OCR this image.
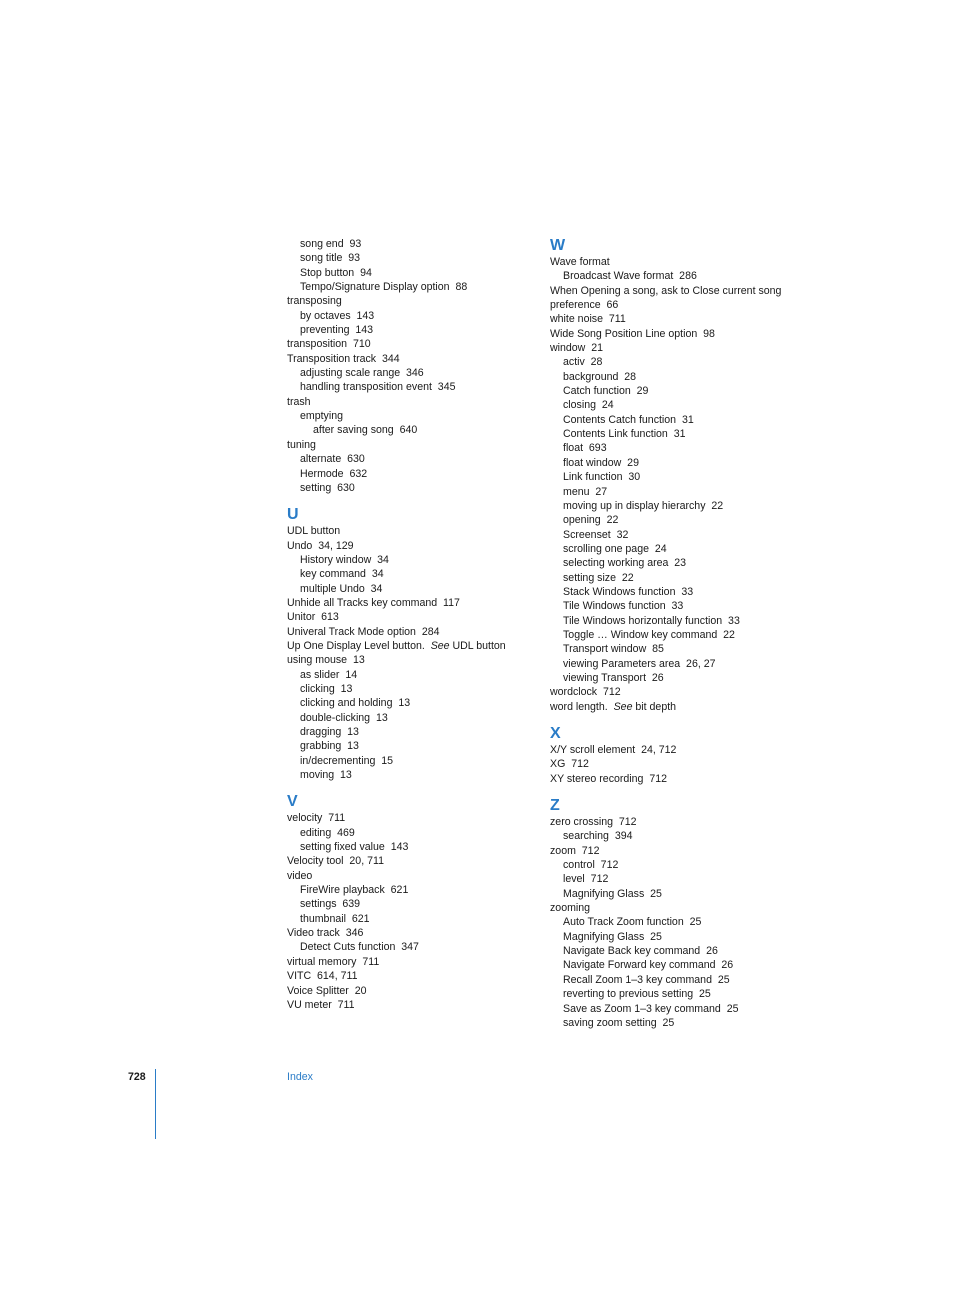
song end  93
song title  93
Stop button  94
Tempo/Signature Display option  88
transposing
by octaves  143
preventing  143
transposition  710
Transposition track  344
adjusting scale range  346
handling transposition event  345
trash
emptying
after saving song  640
tuning
alternate  630
Hermode  632
setting  630
U
UDL button
Undo  34, 129
History window  34
key command  34
multiple Undo  34
Unhide all Tracks key command  117
Unitor  613
Univeral Track Mode option  284
Up One Display Level button.  See UDL button
using mouse  13
as slider  14
clicking  13
clicking and holding  13
double-clicking  13
dragging  13
grabbing  13
in/decrementing  15
moving  13
V
velocity  711
editing  469
setting fixed value  143
Velocity tool  20, 711
video
FireWire playback  621
settings  639
thumbnail  621
Video track  346
Detect Cuts function  347
virtual memory  711
VITC  614, 711
Voice Splitter  20
VU meter  711
W
Wave format
Broadcast Wave format  286
When Opening a song, ask to Close current song
preference  66
white noise  711
Wide Song Position Line option  98
window  21
activ  28
background  28
Catch function  29
closing  24
Contents Catch function  31
Contents Link function  31
float  693
float window  29
Link function  30
menu  27
moving up in display hierarchy  22
opening  22
Screenset  32
scrolling one page  24
selecting working area  23
setting size  22
Stack Windows function  33
Tile Windows function  33
Tile Windows horizontally function  33
Toggle … Window key command  22
Transport window  85
viewing Parameters area  26, 27
viewing Transport  26
wordclock  712
word length.  See bit depth
X
X/Y scroll element  24, 712
XG  712
XY stereo recording  712
Z
zero crossing  712
searching  394
zoom  712
control  712
level  712
Magnifying Glass  25
zooming
Auto Track Zoom function  25
Magnifying Glass  25
Navigate Back key command  26
Navigate Forward key command  26
Recall Zoom 1–3 key command  25
reverting to previous setting  25
Save as Zoom 1–3 key command  25
saving zoom setting  25
728	Index
